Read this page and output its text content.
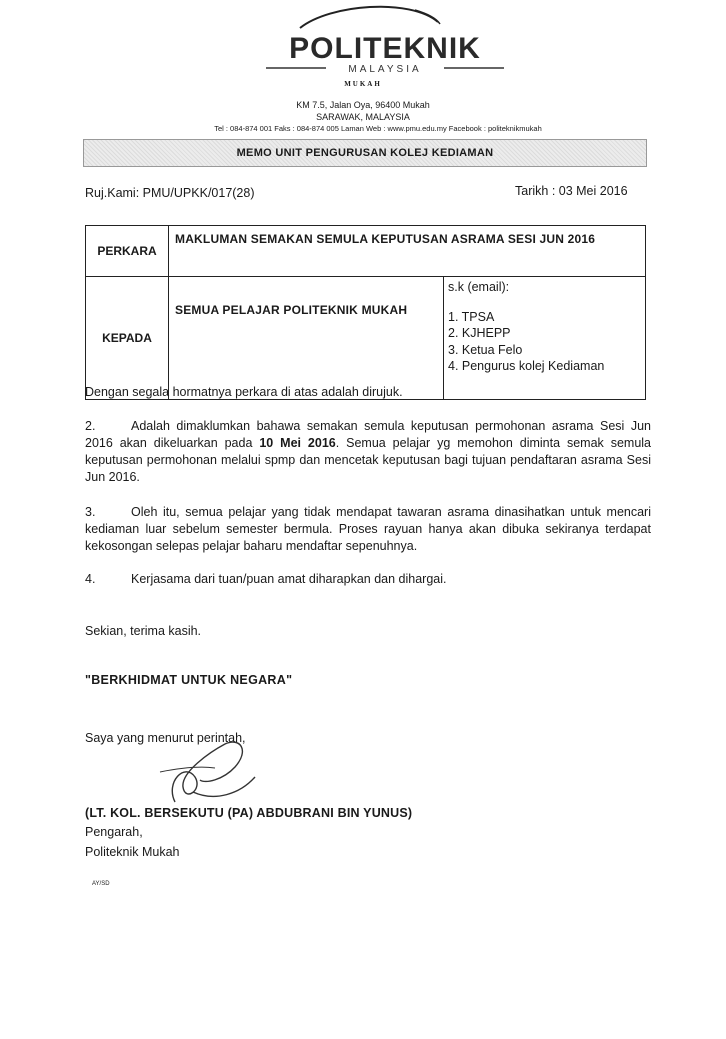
POLITEKNIK
MALAYSIA
MUKAH
KM 7.5, Jalan Oya, 96400 Mukah
SARAWAK, MALAYSIA
Tel : 084-874 001 Faks : 084-874 005 Laman Web : www.pmu.edu.my Facebook : politeknikmukah
MEMO UNIT PENGURUSAN KOLEJ KEDIAMAN
Ruj.Kami: PMU/UPKK/017(28)	Tarikh : 03 Mei 2016
PERKARA	MAKLUMAN SEMAKAN SEMULA KEPUTUSAN ASRAMA SESI JUN 2016	
KEPADA	SEMUA PELAJAR POLITEKNIK MUKAH	s.k (email):
1. TPSA
2. KJHEPP
3. Ketua Felo
4. Pengurus kolej Kediaman
Dengan segala hormatnya perkara di atas adalah dirujuk.
2.	Adalah dimaklumkan bahawa semakan semula keputusan permohonan asrama Sesi Jun 2016 akan dikeluarkan pada 10 Mei 2016. Semua pelajar yg memohon diminta semak semula keputusan permohonan melalui spmp dan mencetak keputusan bagi tujuan pendaftaran asrama Sesi Jun 2016.
3.	Oleh itu, semua pelajar yang tidak mendapat tawaran asrama dinasihatkan untuk mencari kediaman luar sebelum semester bermula. Proses rayuan hanya akan dibuka sekiranya terdapat kekosongan selepas pelajar baharu mendaftar sepenuhnya.
4.	Kerjasama dari tuan/puan amat diharapkan dan dihargai.
Sekian, terima kasih.
"BERKHIDMAT UNTUK NEGARA"
Saya yang menurut perintah,
(LT. KOL. BERSEKUTU (PA) ABDUBRANI BIN YUNUS)
Pengarah,
Politeknik Mukah
AY/SD
